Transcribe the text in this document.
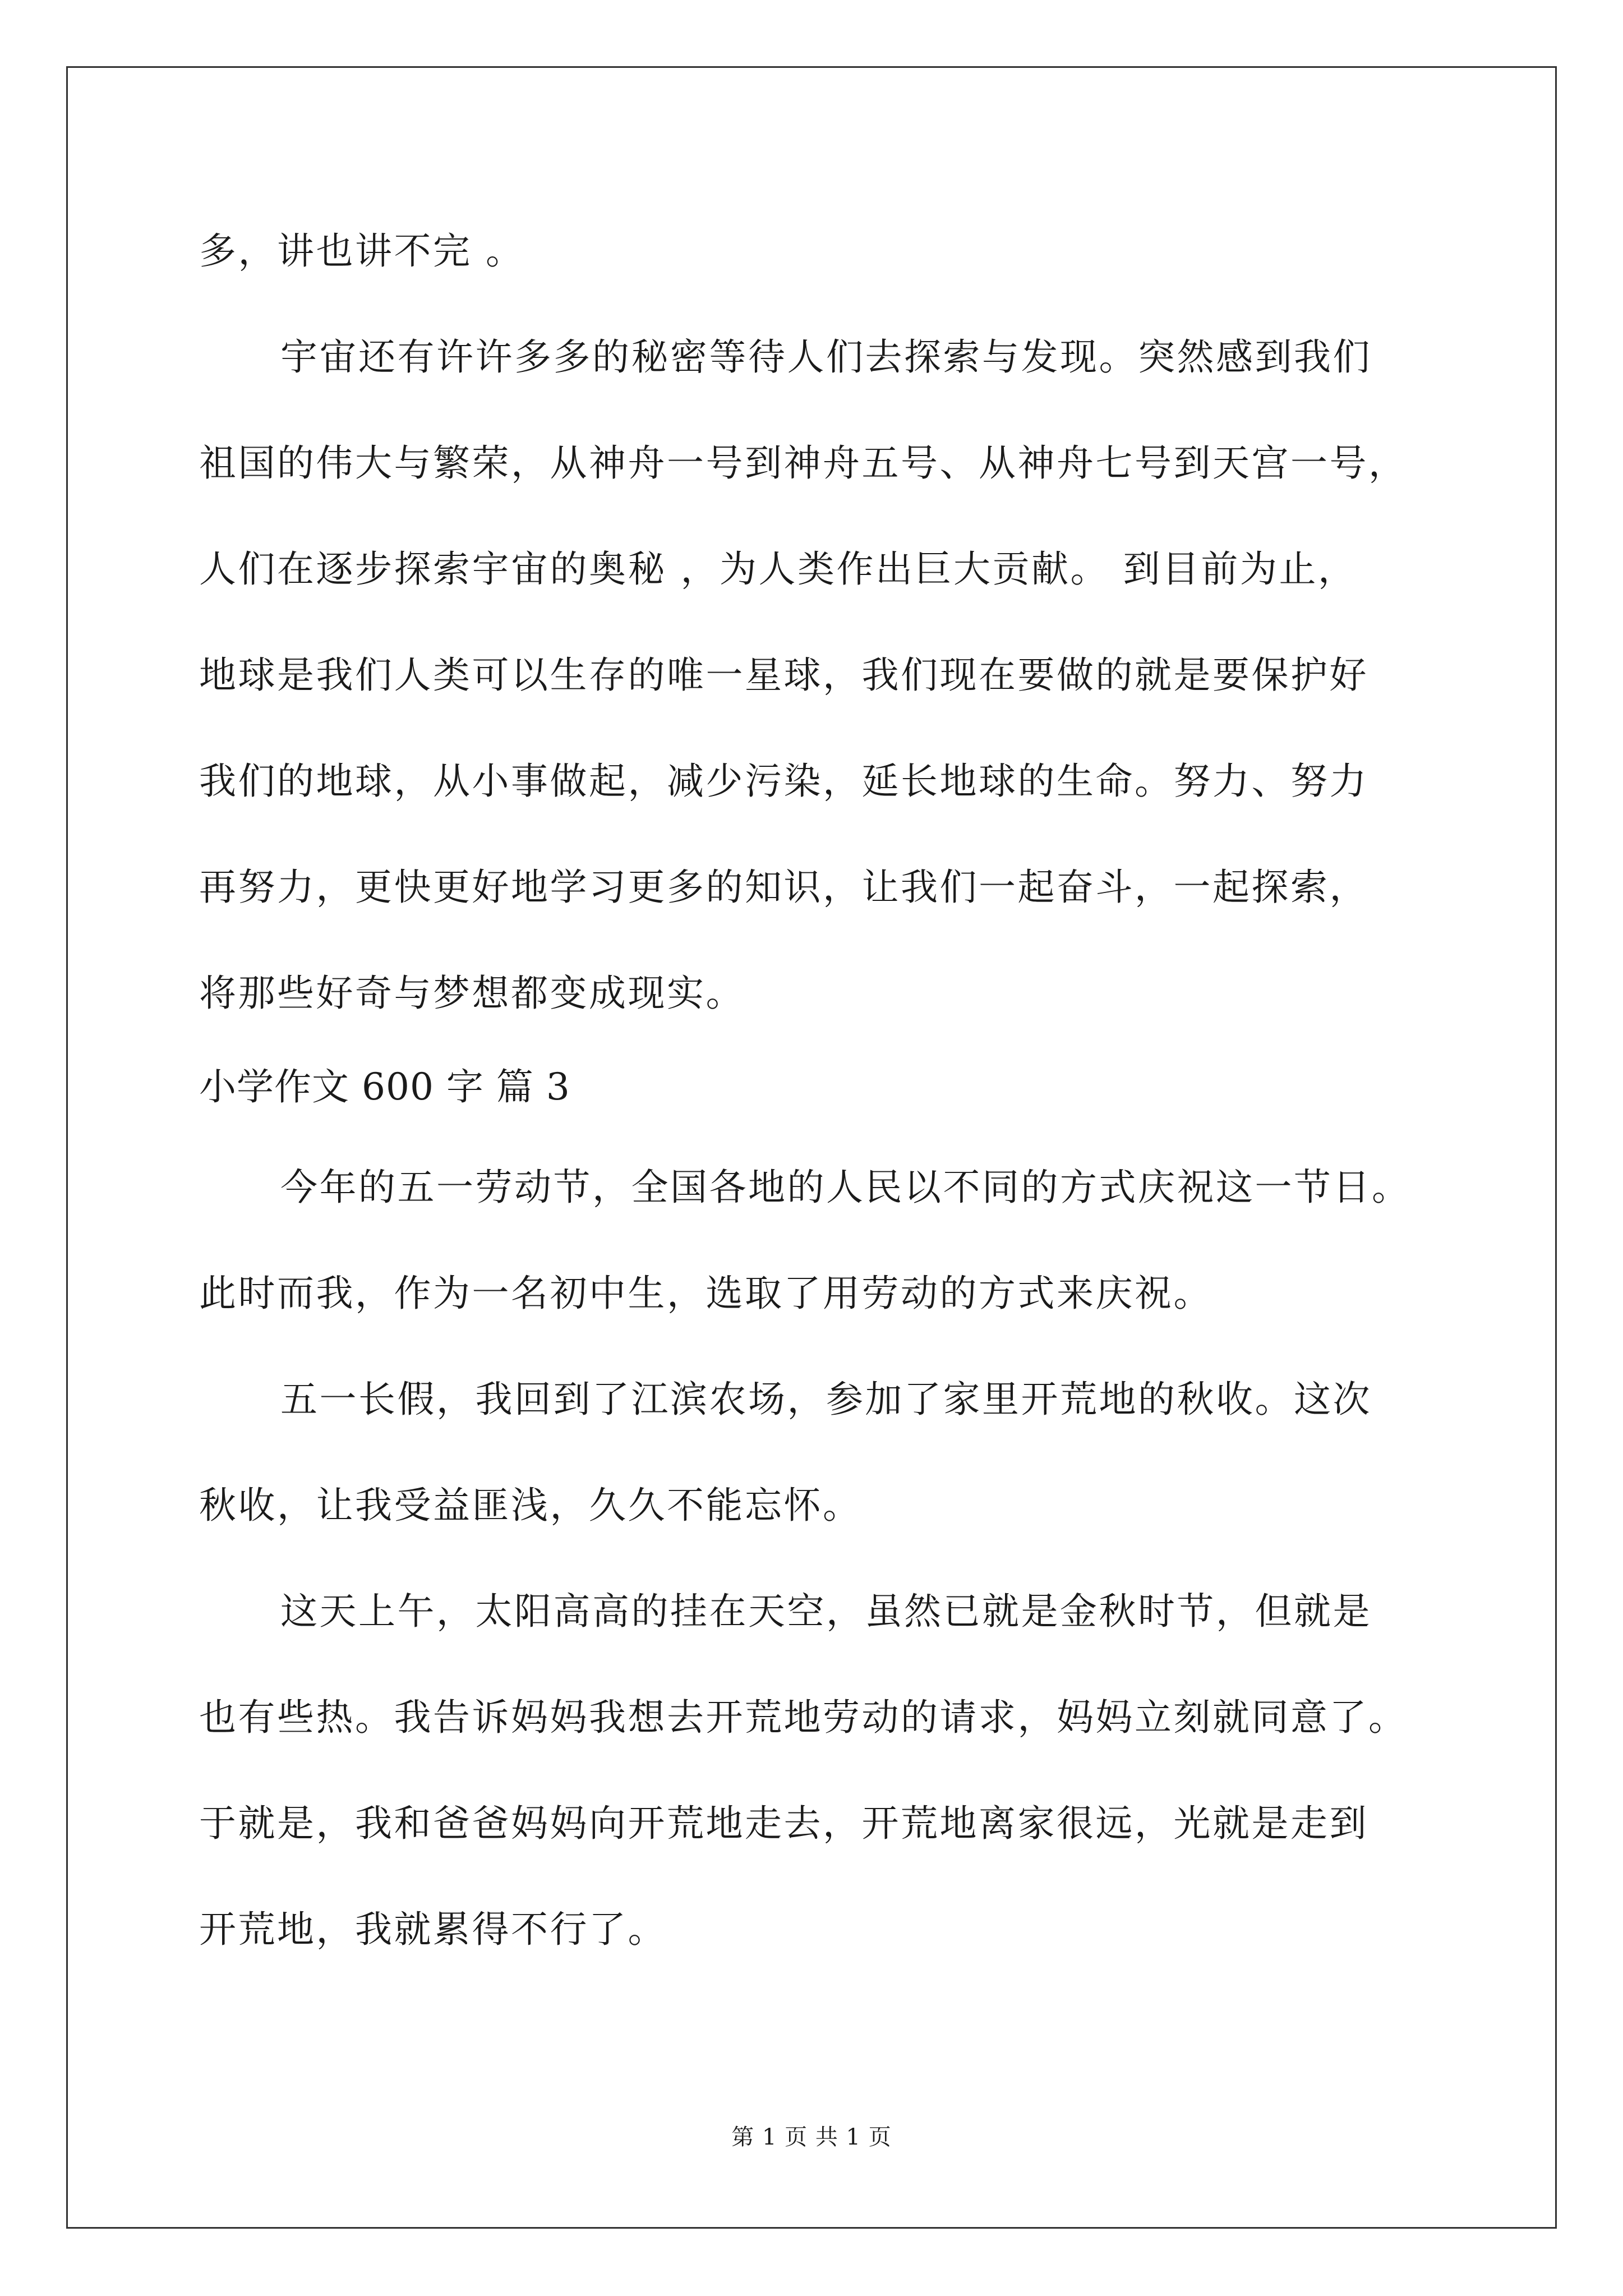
多，讲也讲不完 。
宇宙还有许许多多的秘密等待人们去探索与发现。突然感到我们
祖国的伟大与繁荣，从神舟一号到神舟五号、从神舟七号到天宫一号，
人们在逐步探索宇宙的奥秘 ，为人类作出巨大贡献。 到目前为止，
地球是我们人类可以生存的唯一星球，我们现在要做的就是要保护好
我们的地球，从小事做起，减少污染，延长地球的生命。努力、努力
再努力，更快更好地学习更多的知识，让我们一起奋斗，一起探索，
将那些好奇与梦想都变成现实。
小学作文 600 字 篇 3
今年的五一劳动节，全国各地的人民以不同的方式庆祝这一节日。
此时而我，作为一名初中生，选取了用劳动的方式来庆祝。
五一长假，我回到了江滨农场，参加了家里开荒地的秋收。这次
秋收，让我受益匪浅，久久不能忘怀。
这天上午，太阳高高的挂在天空，虽然已就是金秋时节，但就是
也有些热。我告诉妈妈我想去开荒地劳动的请求，妈妈立刻就同意了。
于就是，我和爸爸妈妈向开荒地走去，开荒地离家很远，光就是走到
开荒地，我就累得不行了。
第 1 页 共 1 页
